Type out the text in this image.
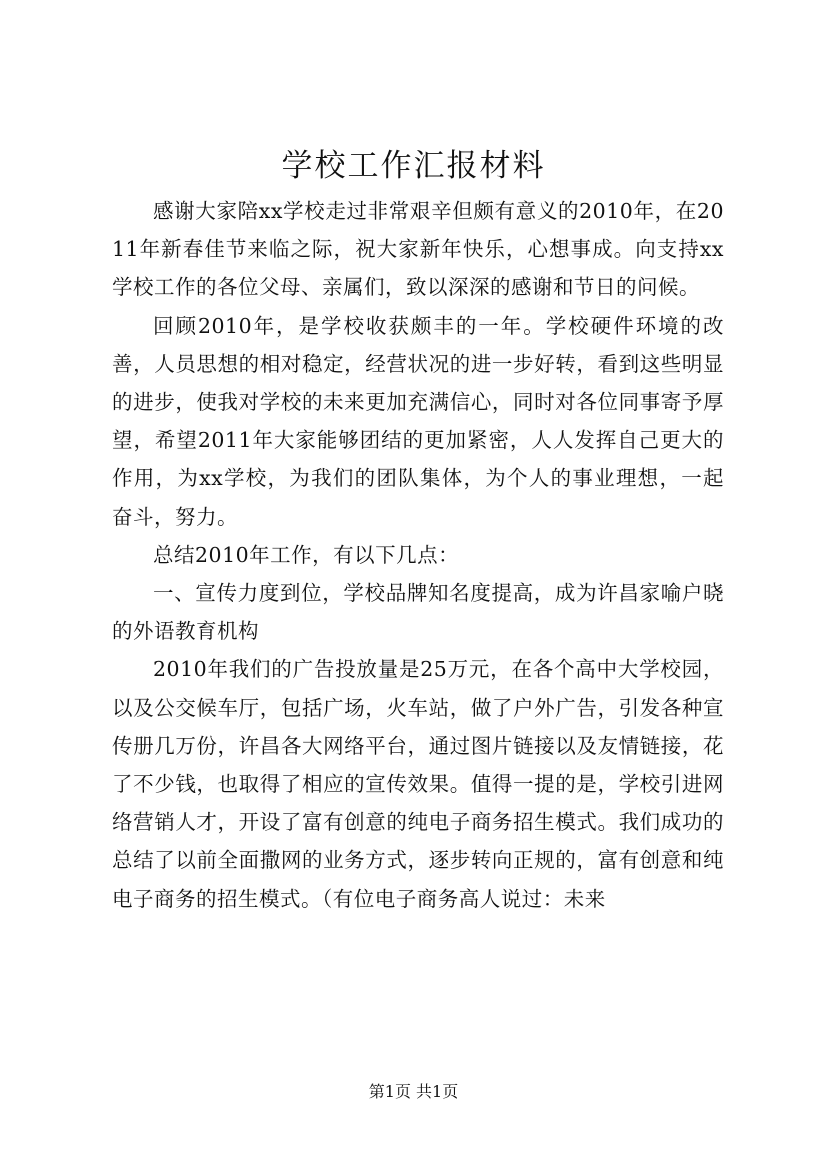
学校工作汇报材料

感谢大家陪xx学校走过非常艰辛但颇有意义的2010年，在2011年新春佳节来临之际，祝大家新年快乐，心想事成。向支持xx学校工作的各位父母、亲属们，致以深深的感谢和节日的问候。

回顾2010年，是学校收获颇丰的一年。学校硬件环境的改善，人员思想的相对稳定，经营状况的进一步好转，看到这些明显的进步，使我对学校的未来更加充满信心，同时对各位同事寄予厚望，希望2011年大家能够团结的更加紧密，人人发挥自己更大的作用，为xx学校，为我们的团队集体，为个人的事业理想，一起奋斗，努力。

总结2010年工作，有以下几点：

一、宣传力度到位，学校品牌知名度提高，成为许昌家喻户晓的外语教育机构

2010年我们的广告投放量是25万元，在各个高中大学校园，以及公交候车厅，包括广场，火车站，做了户外广告，引发各种宣传册几万份，许昌各大网络平台，通过图片链接以及友情链接，花了不少钱，也取得了相应的宣传效果。值得一提的是，学校引进网络营销人才，开设了富有创意的纯电子商务招生模式。我们成功的总结了以前全面撒网的业务方式，逐步转向正规的，富有创意和纯电子商务的招生模式。（有位电子商务高人说过：未来

第1页 共1页
